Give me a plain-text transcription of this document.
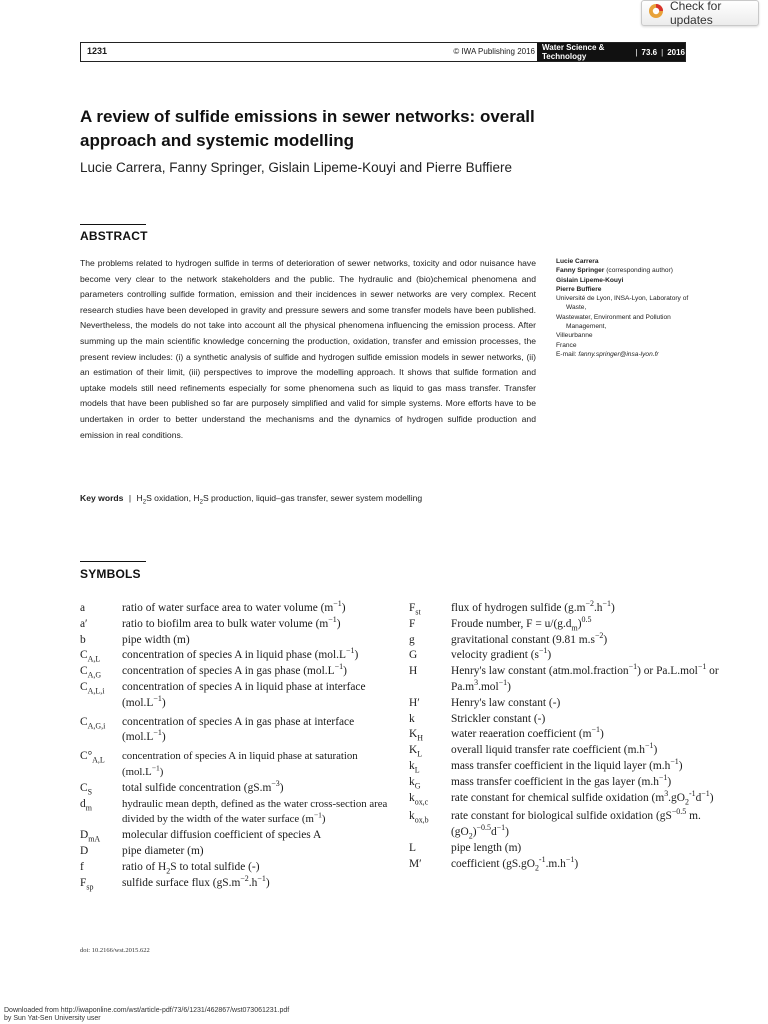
Check for updates
1231	© IWA Publishing 2016 Water Science & Technology	| 73.6 | 2016
A review of sulfide emissions in sewer networks: overall
approach and systemic modelling
Lucie Carrera, Fanny Springer, Gislain Lipeme-Kouyi and Pierre Buffiere
ABSTRACT

The problems related to hydrogen sulfide in terms of deterioration of sewer networks, toxicity and odor nuisance have become very clear to the network stakeholders and the public. The hydraulic and (bio)chemical phenomena and parameters controlling sulfide formation, emission and their incidences in sewer networks are very complex. Recent research studies have been developed in gravity and pressure sewers and some transfer models have been published. Nevertheless, the models do not take into account all the physical phenomena influencing the emission process. After summing up the main scientific knowledge concerning the production, oxidation, transfer and emission processes, the present review includes: (i) a synthetic analysis of sulfide and hydrogen sulfide emission models in sewer networks, (ii) an estimation of their limit, (iii) perspectives to improve the modelling approach. It shows that sulfide formation and uptake models still need refinements especially for some phenomena such as liquid to gas mass transfer. Transfer models that have been published so far are purposely simplified and valid for simple systems. More efforts have to be undertaken in order to better understand the mechanisms and the dynamics of hydrogen sulfide production and emission in real conditions.

Key words | $H_2S$ oxidation, $H_2S$ production, liquid–gas transfer, sewer system modelling
Lucie Carrera
Fanny Springer (corresponding author)
Gislain Lipeme-Kouyi
Pierre Buffiere
Université de Lyon, INSA-Lyon, Laboratory of
Waste,
Wastewater, Environment and Pollution
Management,
Villeurbanne
France
E-mail: fanny.springer@insa-lyon.fr
SYMBOLS
a	ratio of water surface area to water volume $(m^{-1})$
a′	ratio to biofilm area to bulk water volume $(m^{-1})$
b	pipe width (m)
$C_{A,L}$	concentration of species A in liquid phase $(mol.L^{-1})$
$C_{A,G}$	concentration of species A in gas phase $(mol.L^{-1})$
$C_{A,L,i}$	concentration of species A in liquid phase at interface $(mol.L^{-1})$
$C_{A,G,i}$	concentration of species A in gas phase at interface $(mol.L^{-1})$
$C^\circ_{A,L}$	concentration of species A in liquid phase at saturation $(mol.L^{-1})$
$C_S$	total sulfide concentration $(gS.m^{-3})$
$d_m$	hydraulic mean depth, defined as the water cross-section area divided by the width of the water surface $(m^{-1})$
$D_{mA}$	molecular diffusion coefficient of species A
D	pipe diameter (m)
f	ratio of $H_2S$ to total sulfide (-)
$F_{sp}$	sulfide surface flux $(gS.m^{-2}.h^{-1})$
$F_{st}$	flux of hydrogen sulfide $(g.m^{-2}.h^{-1})$
F	Froude number, $F = u/(g.d_m)^{0.5}$
g	gravitational constant (9.81 $m.s^{-2}$)
G	velocity gradient $(s^{-1})$
H	Henry's law constant (atm.mol.fraction$^{-1}$) or Pa.L.mol$^{-1}$ or $Pa.m^3.mol^{-1}$)
H′	Henry's law constant (-)
k	Strickler constant (-)
$K_H$	water reaeration coefficient $(m^{-1})$
$K_L$	overall liquid transfer rate coefficient $(m.h^{-1})$
$k_L$	mass transfer coefficient in the liquid layer $(m.h^{-1})$
$k_G$	mass transfer coefficient in the gas layer $(m.h^{-1})$
$k_{ox,c}$	rate constant for chemical sulfide oxidation $(m^3.gO_2^{-1}d^{-1})$
$k_{ox,b}$	rate constant for biological sulfide oxidation ($gS^{-0.5}$ $m.(gO_2)^{-0.5}d^{-1}$)
L	pipe length (m)
M′	coefficient $(gS.gO_2^{-1}.m.h^{-1})$
doi: 10.2166/wst.2015.622
Downloaded from http://iwaponline.com/wst/article-pdf/73/6/1231/462867/wst073061231.pdf
by Sun Yat-Sen University user
